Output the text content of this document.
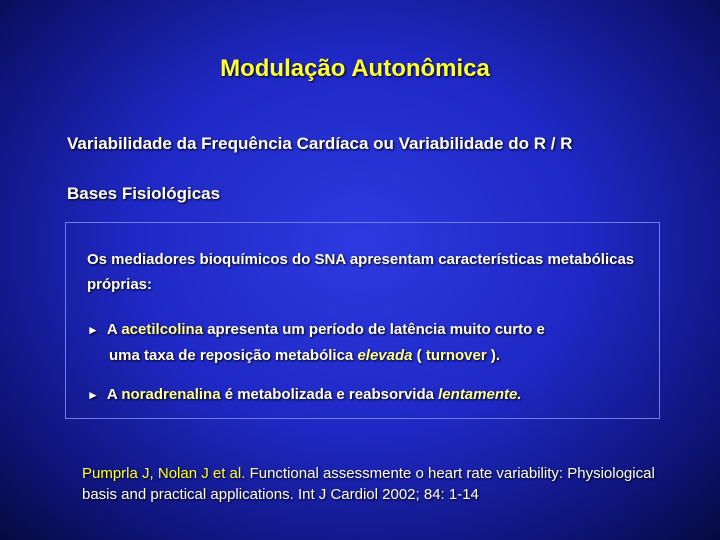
Modulação Autonômica
Variabilidade da Frequência Cardíaca ou Variabilidade do R / R
Bases Fisiológicas
Os mediadores bioquímicos do SNA apresentam características metabólicas próprias:
► A acetilcolina apresenta um período de latência muito curto e
uma taxa de reposição metabólica elevada ( turnover ).
► A noradrenalina é metabolizada e reabsorvida lentamente.
Pumprla J, Nolan J et al. Functional assessmente o heart rate variability: Physiological basis and practical applications. Int J Cardiol 2002; 84: 1-14
